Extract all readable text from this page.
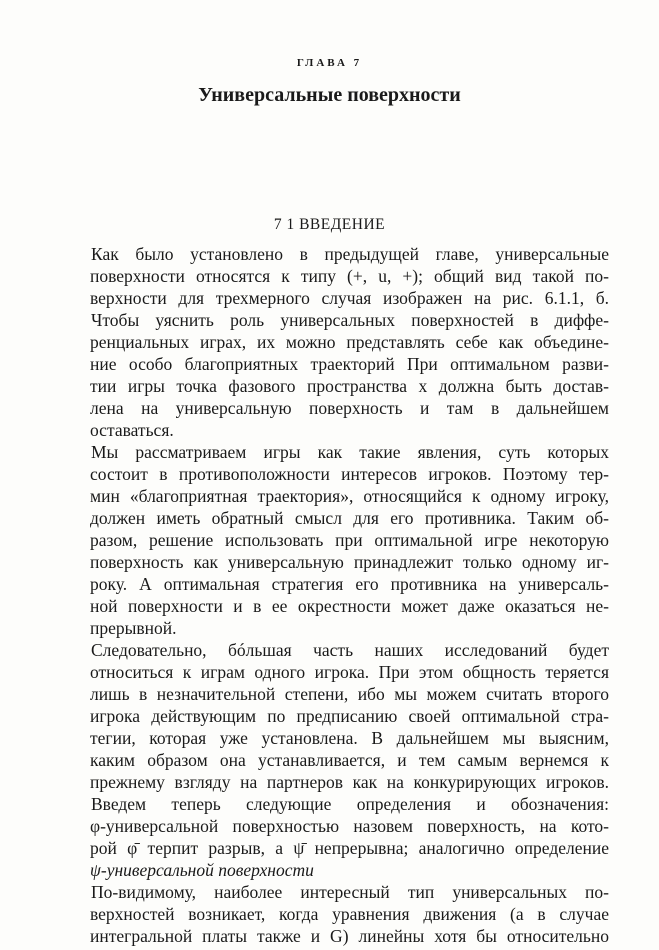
ГЛАВА 7
Универсальные поверхности
7 1 ВВЕДЕНИЕ
Как было установлено в предыдущей главе, универсальные
поверхности относятся к типу (+, u, +); общий вид такой по-
верхности для трехмерного случая изображен на рис. 6.1.1, б.
Чтобы уяснить роль универсальных поверхностей в диффе-
ренциальных играх, их можно представлять себе как объедине-
ние особо благоприятных траекторий При оптимальном разви-
тии игры точка фазового пространства x должна быть достав-
лена на универсальную поверхность и там в дальнейшем
оставаться.
Мы рассматриваем игры как такие явления, суть которых
состоит в противоположности интересов игроков. Поэтому тер-
мин «благоприятная траектория», относящийся к одному игроку,
должен иметь обратный смысл для его противника. Таким об-
разом, решение использовать при оптимальной игре некоторую
поверхность как универсальную принадлежит только одному иг-
року. А оптимальная стратегия его противника на универсаль-
ной поверхности и в ее окрестности может даже оказаться не-
прерывной.
Следовательно, бóльшая часть наших исследований будет
относиться к играм одного игрока. При этом общность теряется
лишь в незначительной степени, ибо мы можем считать второго
игрока действующим по предписанию своей оптимальной стра-
тегии, которая уже установлена. В дальнейшем мы выясним,
каким образом она устанавливается, и тем самым вернемся к
прежнему взгляду на партнеров как на конкурирующих игроков.
Введем теперь следующие определения и обозначения:
φ-универсальной поверхностью назовем поверхность, на кото-
рой φ̄ терпит разрыв, а ψ̄ непрерывна; аналогично определение
ψ-универсальной поверхности
По-видимому, наиболее интересный тип универсальных по-
верхностей возникает, когда уравнения движения (а в случае
интегральной платы также и G) линейны хотя бы относительно
